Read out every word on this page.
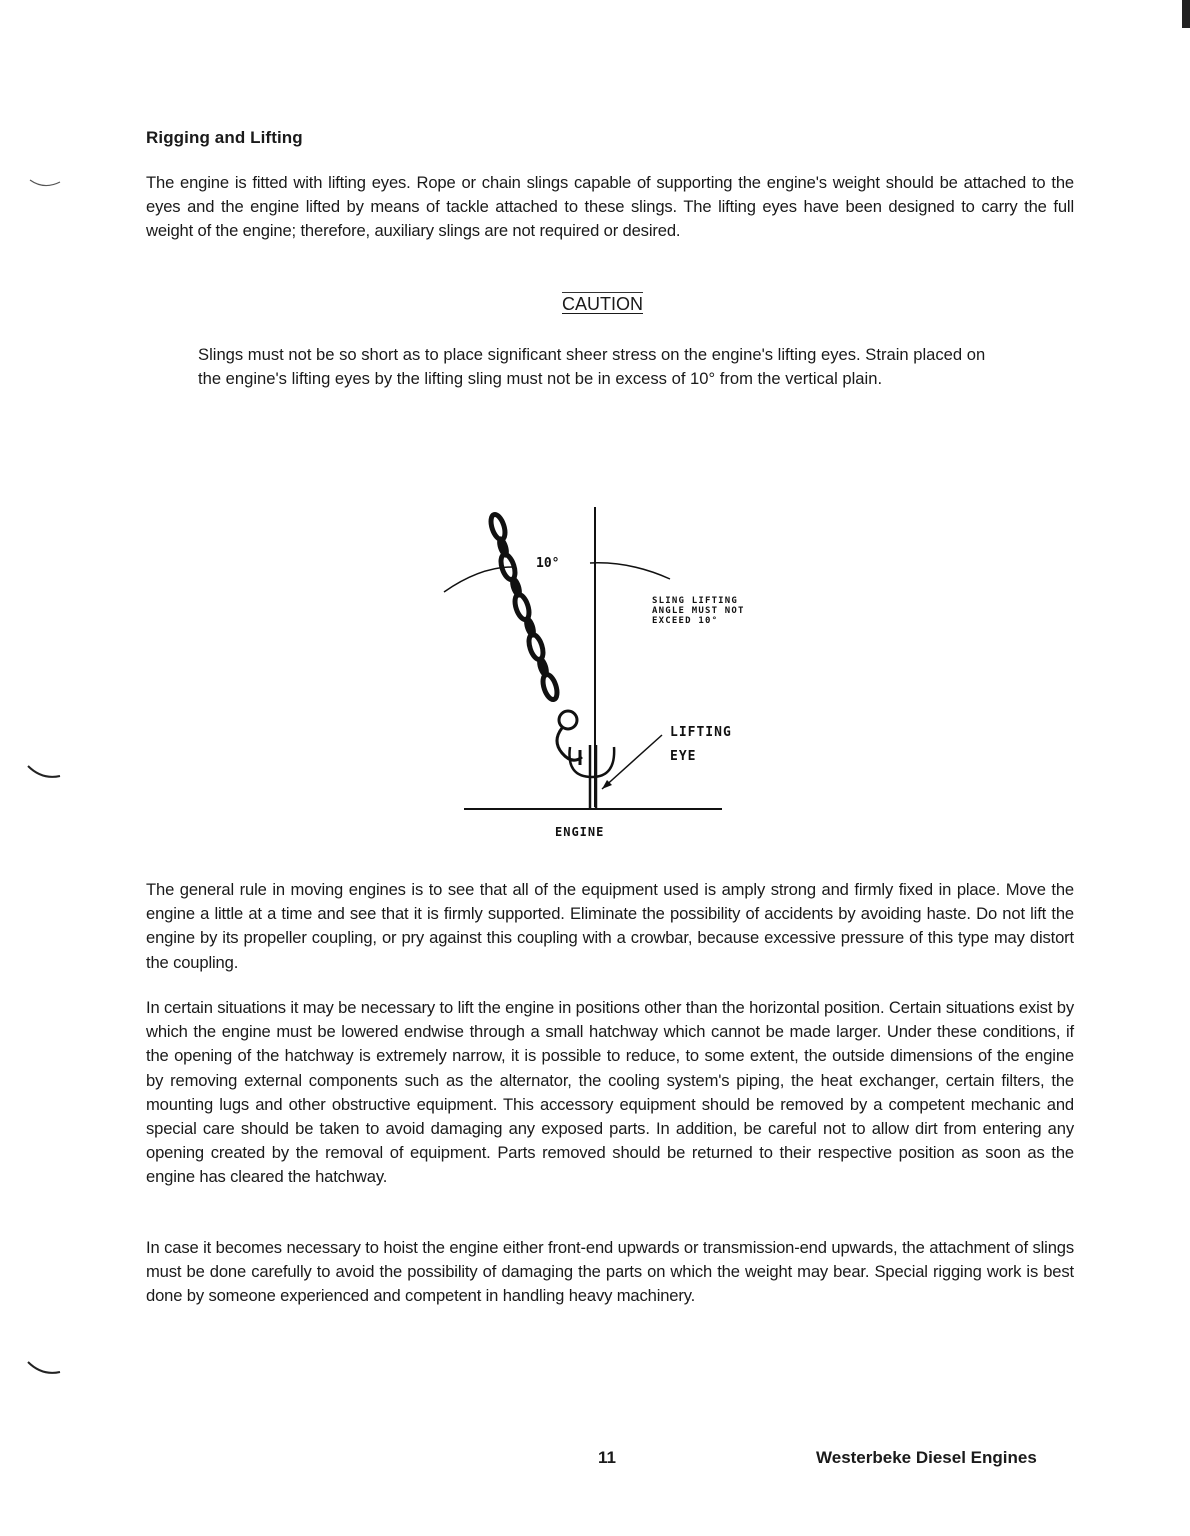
Rigging and Lifting
The engine is fitted with lifting eyes. Rope or chain slings capable of supporting the engine's weight should be attached to the eyes and the engine lifted by means of tackle attached to these slings. The lifting eyes have been designed to carry the full weight of the engine; therefore, auxiliary slings are not required or desired.
CAUTION
Slings must not be so short as to place significant sheer stress on the engine's lifting eyes. Strain placed on the engine's lifting eyes by the lifting sling must not be in excess of 10° from the vertical plain.
10°
SLING LIFTING
ANGLE MUST NOT
EXCEED 10°
LIFTING
EYE
ENGINE
The general rule in moving engines is to see that all of the equipment used is amply strong and firmly fixed in place. Move the engine a little at a time and see that it is firmly supported. Eliminate the possibility of accidents by avoiding haste. Do not lift the engine by its propeller coupling, or pry against this coupling with a crowbar, because excessive pressure of this type may distort the coupling.
In certain situations it may be necessary to lift the engine in positions other than the horizontal position. Certain situations exist by which the engine must be lowered endwise through a small hatchway which cannot be made larger. Under these conditions, if the opening of the hatchway is extremely narrow, it is possible to reduce, to some extent, the outside dimensions of the engine by removing external components such as the alternator, the cooling system's piping, the heat exchanger, certain filters, the mounting lugs and other obstructive equipment. This accessory equipment should be removed by a competent mechanic and special care should be taken to avoid damaging any exposed parts. In addition, be careful not to allow dirt from entering any opening created by the removal of equipment. Parts removed should be returned to their respective position as soon as the engine has cleared the hatchway.
In case it becomes necessary to hoist the engine either front-end upwards or transmission-end upwards, the attachment of slings must be done carefully to avoid the possibility of damaging the parts on which the weight may bear. Special rigging work is best done by someone experienced and competent in handling heavy machinery.
11	Westerbeke Diesel Engines
